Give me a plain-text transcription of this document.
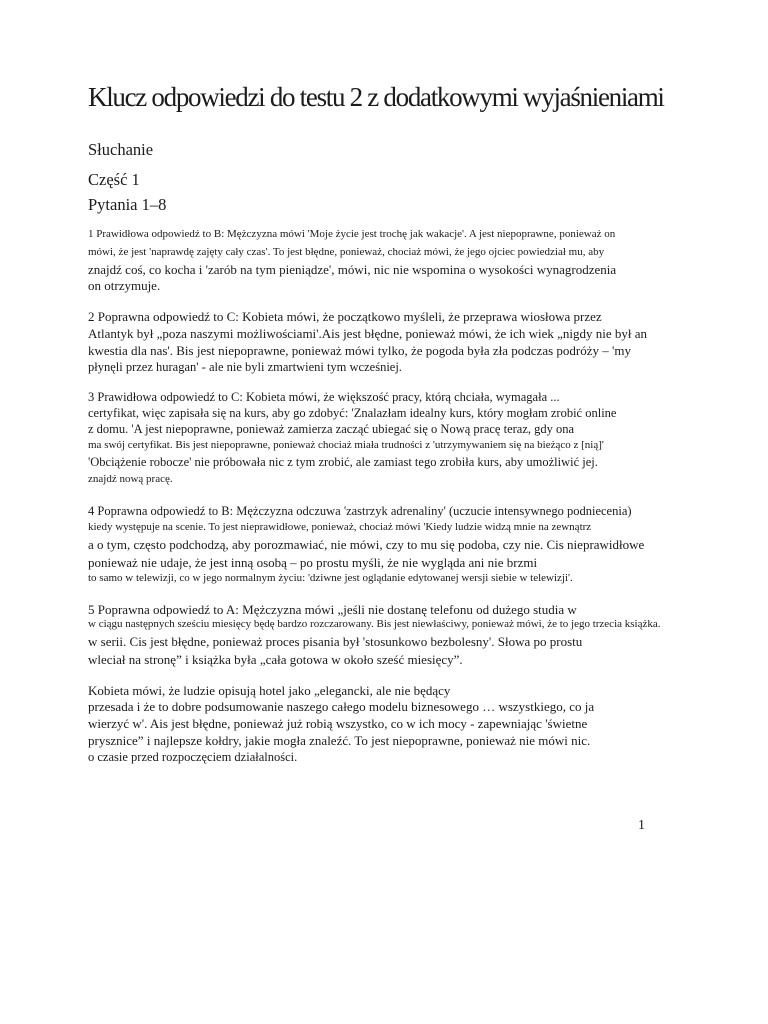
Klucz odpowiedzi do testu 2 z dodatkowymi wyjaśnieniami

Słuchanie

Część 1

Pytania 1–8

1 Prawidłowa odpowiedź to B: Mężczyzna mówi 'Moje życie jest trochę jak wakacje'. A jest niepoprawne, ponieważ on

mówi, że jest 'naprawdę zajęty cały czas'. To jest błędne, ponieważ, chociaż mówi, że jego ojciec powiedział mu, aby

znajdź coś, co kocha i 'zarób na tym pieniądze', mówi, nic nie wspomina o wysokości wynagrodzenia

on otrzymuje.

2 Poprawna odpowiedź to C: Kobieta mówi, że początkowo myśleli, że przeprawa wiosłowa przez

Atlantyk był „poza naszymi możliwościami'.Ais jest błędne, ponieważ mówi, że ich wiek „nigdy nie był an

kwestia dla nas'. Bis jest niepoprawne, ponieważ mówi tylko, że pogoda była zła podczas podróży – 'my

płynęli przez huragan' - ale nie byli zmartwieni tym wcześniej.

3 Prawidłowa odpowiedź to C: Kobieta mówi, że większość pracy, którą chciała, wymagała ...

certyfikat, więc zapisała się na kurs, aby go zdobyć: 'Znalazłam idealny kurs, który mogłam zrobić online

z domu. 'A jest niepoprawne, ponieważ zamierza zacząć ubiegać się o Nową pracę teraz, gdy ona

ma swój certyfikat. Bis jest niepoprawne, ponieważ chociaż miała trudności z 'utrzymywaniem się na bieżąco z [nią]'

'Obciążenie robocze' nie próbowała nic z tym zrobić, ale zamiast tego zrobiła kurs, aby umożliwić jej.

znajdź nową pracę.

4 Poprawna odpowiedź to B: Mężczyzna odczuwa 'zastrzyk adrenaliny' (uczucie intensywnego podniecenia)

kiedy występuje na scenie. To jest nieprawidłowe, ponieważ, chociaż mówi 'Kiedy ludzie widzą mnie na zewnątrz

a o tym, często podchodzą, aby porozmawiać, nie mówi, czy to mu się podoba, czy nie. Cis nieprawidłowe

ponieważ nie udaje, że jest inną osobą – po prostu myśli, że nie wygląda ani nie brzmi

to samo w telewizji, co w jego normalnym życiu: 'dziwne jest oglądanie edytowanej wersji siebie w telewizji'.

5 Poprawna odpowiedź to A: Mężczyzna mówi „jeśli nie dostanę telefonu od dużego studia w

w ciągu następnych sześciu miesięcy będę bardzo rozczarowany. Bis jest niewłaściwy, ponieważ mówi, że to jego trzecia książka.

w serii. Cis jest błędne, ponieważ proces pisania był 'stosunkowo bezbolesny'. Słowa po prostu

wleciał na stronę” i książka była „cała gotowa w około sześć miesięcy”.

Kobieta mówi, że ludzie opisują hotel jako „elegancki, ale nie będący

przesada i że to dobre podsumowanie naszego całego modelu biznesowego … wszystkiego, co ja

wierzyć w'. Ais jest błędne, ponieważ już robią wszystko, co w ich mocy - zapewniając 'świetne

prysznice” i najlepsze kołdry, jakie mogła znaleźć. To jest niepoprawne, ponieważ nie mówi nic.

o czasie przed rozpoczęciem działalności.

1
